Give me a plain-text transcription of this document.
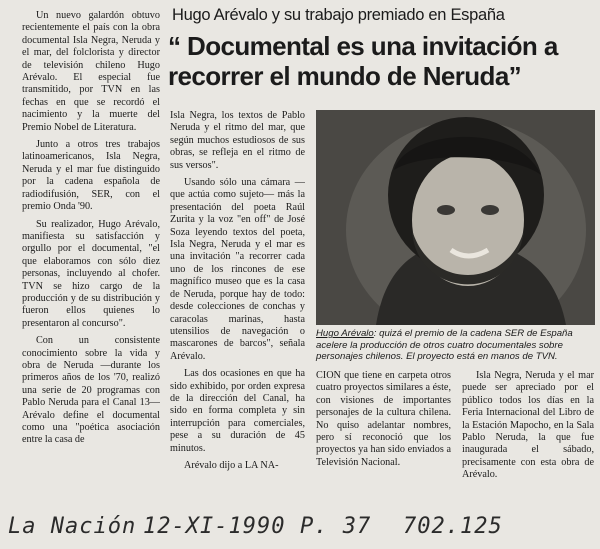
Hugo Arévalo y su trabajo premiado en España
“ Documental es una invitación a recorrer el mundo de Neruda”

Un nuevo galardón obtuvo recientemente el país con la obra documental Isla Negra, Neruda y el mar, del folclorista y director de televisión chileno Hugo Arévalo. El especial fue transmitido, por TVN en las fechas en que se recordó el nacimiento y la muerte del Premio Nobel de Literatura.

Junto a otros tres trabajos latinoamericanos, Isla Negra, Neruda y el mar fue distinguido por la cadena española de radiodifusión, SER, con el premio Onda '90.

Su realizador, Hugo Arévalo, manifiesta su satisfacción y orgullo por el documental, "el que elaboramos con sólo diez personas, incluyendo al chofer. TVN se hizo cargo de la producción y de su distribución y fueron ellos quienes lo presentaron al concurso".

Con un consistente conocimiento sobre la vida y obra de Neruda —durante los primeros años de los '70, realizó una serie de 20 programas con Pablo Neruda para el Canal 13— Arévalo define el documental como una "poética asociación entre la casa de

Isla Negra, los textos de Pablo Neruda y el ritmo del mar, que según muchos estudiosos de sus obras, se refleja en el ritmo de sus versos".

Usando sólo una cámara —que actúa como sujeto— más la presentación del poeta Raúl Zurita y la voz "en off" de José Soza leyendo textos del poeta, Isla Negra, Neruda y el mar es una invitación "a recorrer cada uno de los rincones de ese magnífico museo que es la casa de Neruda, porque hay de todo: desde colecciones de conchas y caracolas marinas, hasta utensilios de navegación o mascarones de barcos", señala Arévalo.

Las dos ocasiones en que ha sido exhibido, por orden expresa de la dirección del Canal, ha sido en forma completa y sin interrupción para comerciales, pese a su duración de 45 minutos.

Arévalo dijo a LA NA-

Hugo Arévalo: quizá el premio de la cadena SER de España acelere la producción de otros cuatro documentales sobre personajes chilenos. El proyecto está en manos de TVN.

CION que tiene en carpeta otros cuatro proyectos similares a éste, con visiones de importantes personajes de la cultura chilena. No quiso adelantar nombres, pero sí reconoció que los proyectos ya han sido enviados a Televisión Nacional.

Isla Negra, Neruda y el mar puede ser apreciado por el público todos los días en la Feria Internacional del Libro de la Estación Mapocho, en la Sala Pablo Neruda, la que fue inaugurada el sábado, precisamente con esta obra de Arévalo.

La Nación 12-XI-1990 P. 37 702.125
